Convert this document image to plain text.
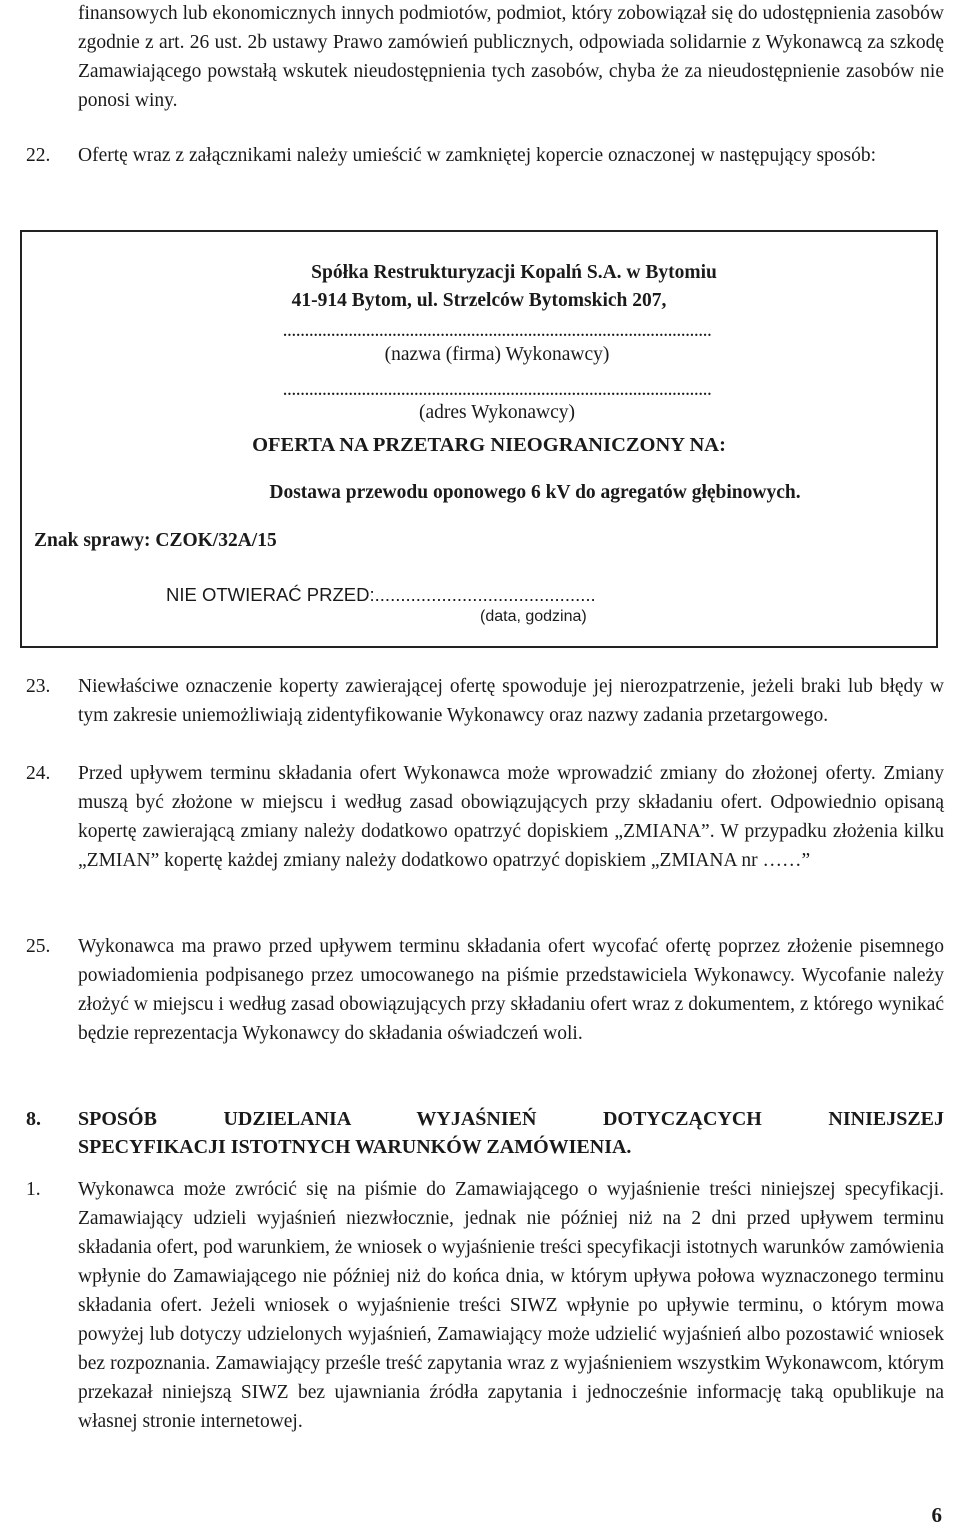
finansowych lub ekonomicznych innych podmiotów, podmiot, który zobowiązał się do udostępnienia zasobów zgodnie z art. 26 ust. 2b ustawy Prawo zamówień publicznych, odpowiada solidarnie z Wykonawcą za szkodę Zamawiającego powstałą wskutek nieudostępnienia tych zasobów, chyba że za nieudostępnienie zasobów nie ponosi winy.
22. Ofertę wraz z załącznikami należy umieścić w zamkniętej kopercie oznaczonej w następujący sposób:
Spółka Restrukturyzacji Kopalń S.A. w Bytomiu
41-914 Bytom, ul. Strzelców Bytomskich 207,
..................................................................................................
(nazwa (firma) Wykonawcy)
..................................................................................................
(adres Wykonawcy)
OFERTA NA PRZETARG NIEOGRANICZONY NA:
Dostawa przewodu oponowego 6 kV do agregatów głębinowych.
Znak sprawy: CZOK/32A/15
NIE OTWIERAĆ PRZED:...........................................
(data, godzina)
23. Niewłaściwe oznaczenie koperty zawierającej ofertę spowoduje jej nierozpatrzenie, jeżeli braki lub błędy w tym zakresie uniemożliwiają zidentyfikowanie Wykonawcy oraz nazwy zadania przetargowego.
24. Przed upływem terminu składania ofert Wykonawca może wprowadzić zmiany do złożonej oferty. Zmiany muszą być złożone w miejscu i według zasad obowiązujących przy składaniu ofert. Odpowiednio opisaną kopertę zawierającą zmiany należy dodatkowo opatrzyć dopiskiem „ZMIANA”. W przypadku złożenia kilku „ZMIAN” kopertę każdej zmiany należy dodatkowo opatrzyć dopiskiem „ZMIANA nr ……”
25. Wykonawca ma prawo przed upływem terminu składania ofert wycofać ofertę poprzez złożenie pisemnego powiadomienia podpisanego przez umocowanego na piśmie przedstawiciela Wykonawcy. Wycofanie należy złożyć w miejscu i według zasad obowiązujących przy składaniu ofert wraz z dokumentem, z którego wynikać będzie reprezentacja Wykonawcy do składania oświadczeń woli.
8. SPOSÓB UDZIELANIA WYJAŚNIEŃ DOTYCZĄCYCH NINIEJSZEJ
SPECYFIKACJI ISTOTNYCH WARUNKÓW ZAMÓWIENIA.
1. Wykonawca może zwrócić się na piśmie do Zamawiającego o wyjaśnienie treści niniejszej specyfikacji. Zamawiający udzieli wyjaśnień niezwłocznie, jednak nie później niż na 2 dni przed upływem terminu składania ofert, pod warunkiem, że wniosek o wyjaśnienie treści specyfikacji istotnych warunków zamówienia wpłynie do Zamawiającego nie później niż do końca dnia, w którym upływa połowa wyznaczonego terminu składania ofert. Jeżeli wniosek o wyjaśnienie treści SIWZ wpłynie po upływie terminu, o którym mowa powyżej lub dotyczy udzielonych wyjaśnień, Zamawiający może udzielić wyjaśnień albo pozostawić wniosek bez rozpoznania. Zamawiający prześle treść zapytania wraz z wyjaśnieniem wszystkim Wykonawcom, którym przekazał niniejszą SIWZ bez ujawniania źródła zapytania i jednocześnie informację taką opublikuje na własnej stronie internetowej.
6
